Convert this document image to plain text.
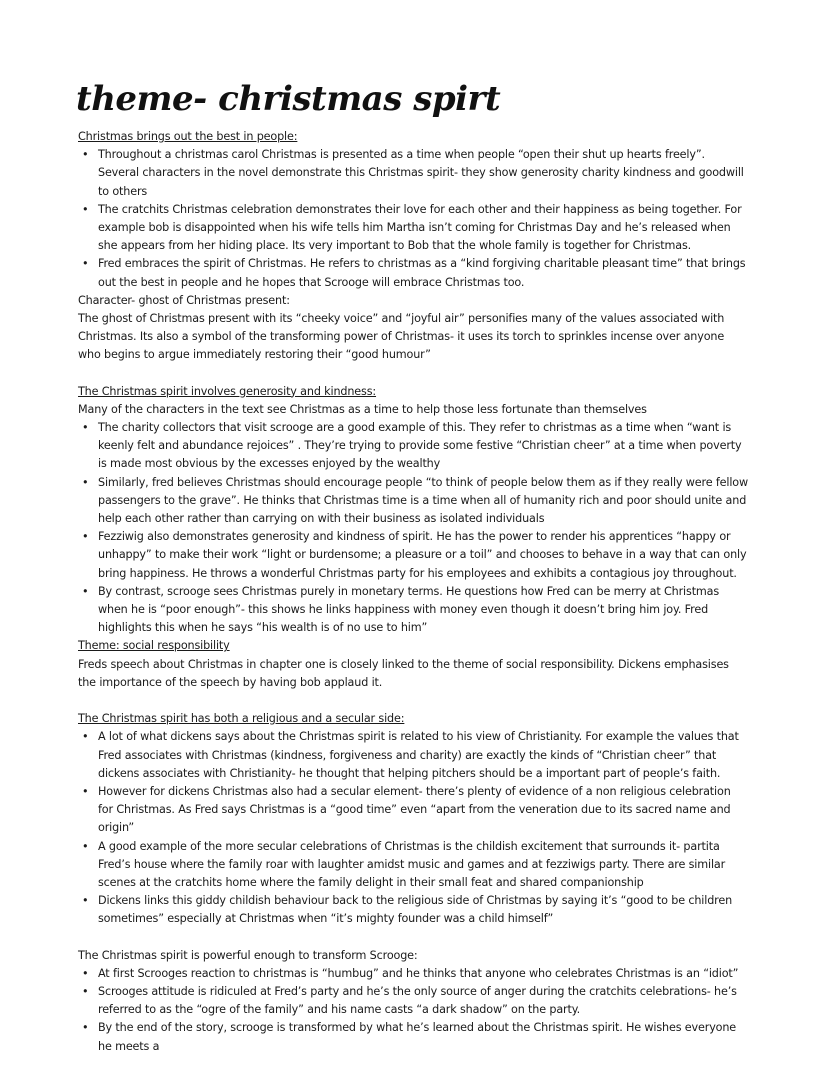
theme- christmas spirt

Christmas brings out the best in people:

• Throughout a christmas carol Christmas is presented as a time when people “open their shut up hearts freely”. Several characters in the novel demonstrate this Christmas spirit- they show generosity charity kindness and goodwill to others
• The cratchits Christmas celebration demonstrates their love for each other and their happiness as being together. For example bob is disappointed when his wife tells him Martha isn’t coming for Christmas Day and he’s released when she appears from her hiding place. Its very important to Bob that the whole family is together for Christmas.
• Fred embraces the spirit of Christmas. He refers to christmas as a “kind forgiving charitable pleasant time” that brings out the best in people and he hopes that Scrooge will embrace Christmas too.

Character- ghost of Christmas present:

The ghost of Christmas present with its “cheeky voice” and “joyful air” personifies many of the values associated with Christmas. Its also a symbol of the transforming power of Christmas- it uses its torch to sprinkles incense over anyone who begins to argue immediately restoring their “good humour”

The Christmas spirit involves generosity and kindness:

Many of the characters in the text see Christmas as a time to help those less fortunate than themselves

• The charity collectors that visit scrooge are a good example of this. They refer to christmas as a time when “want is keenly felt and abundance rejoices” . They’re trying to provide some festive “Christian cheer” at a time when poverty is made most obvious by the excesses enjoyed by the wealthy
• Similarly, fred believes Christmas should encourage people “to think of people below them as if they really were fellow passengers to the grave”. He thinks that Christmas time is a time when all of humanity rich and poor should unite and help each other rather than carrying on with their business as isolated individuals
• Fezziwig also demonstrates generosity and kindness of spirit. He has the power to render his apprentices “happy or unhappy” to make their work “light or burdensome; a pleasure or a toil” and chooses to behave in a way that can only bring happiness. He throws a wonderful Christmas party for his employees and exhibits a contagious joy throughout.
• By contrast, scrooge sees Christmas purely in monetary terms. He questions how Fred can be merry at Christmas when he is “poor enough”- this shows he links happiness with money even though it doesn’t bring him joy. Fred highlights this when he says “his wealth is of no use to him”

Theme: social responsibility

Freds speech about Christmas in chapter one is closely linked to the theme of social responsibility. Dickens emphasises the importance of the speech by having bob applaud it.

The Christmas spirit has both a religious and a secular side:

• A lot of what dickens says about the Christmas spirit is related to his view of Christianity. For example the values that Fred associates with Christmas (kindness, forgiveness and charity) are exactly the kinds of “Christian cheer” that dickens associates with Christianity- he thought that helping pitchers should be a important part of people’s faith.
• However for dickens Christmas also had a secular element- there’s plenty of evidence of a non religious celebration for Christmas. As Fred says Christmas is a “good time” even “apart from the veneration due to its sacred name and origin”
• A good example of the more secular celebrations of Christmas is the childish excitement that surrounds it- partita Fred’s house where the family roar with laughter amidst music and games and at fezziwigs party. There are similar scenes at the cratchits home where the family delight in their small feat and shared companionship
• Dickens links this giddy childish behaviour back to the religious side of Christmas by saying it’s “good to be children sometimes” especially at Christmas when “it’s mighty founder was a child himself”

The Christmas spirit is powerful enough to transform Scrooge:

• At first Scrooges reaction to christmas is “humbug” and he thinks that anyone who celebrates Christmas is an “idiot”
• Scrooges attitude is ridiculed at Fred’s party and he’s the only source of anger during the cratchits celebrations- he’s referred to as the “ogre of the family” and his name casts “a dark shadow” on the party.
• By the end of the story, scrooge is transformed by what he’s learned about the Christmas spirit. He wishes everyone he meets a
